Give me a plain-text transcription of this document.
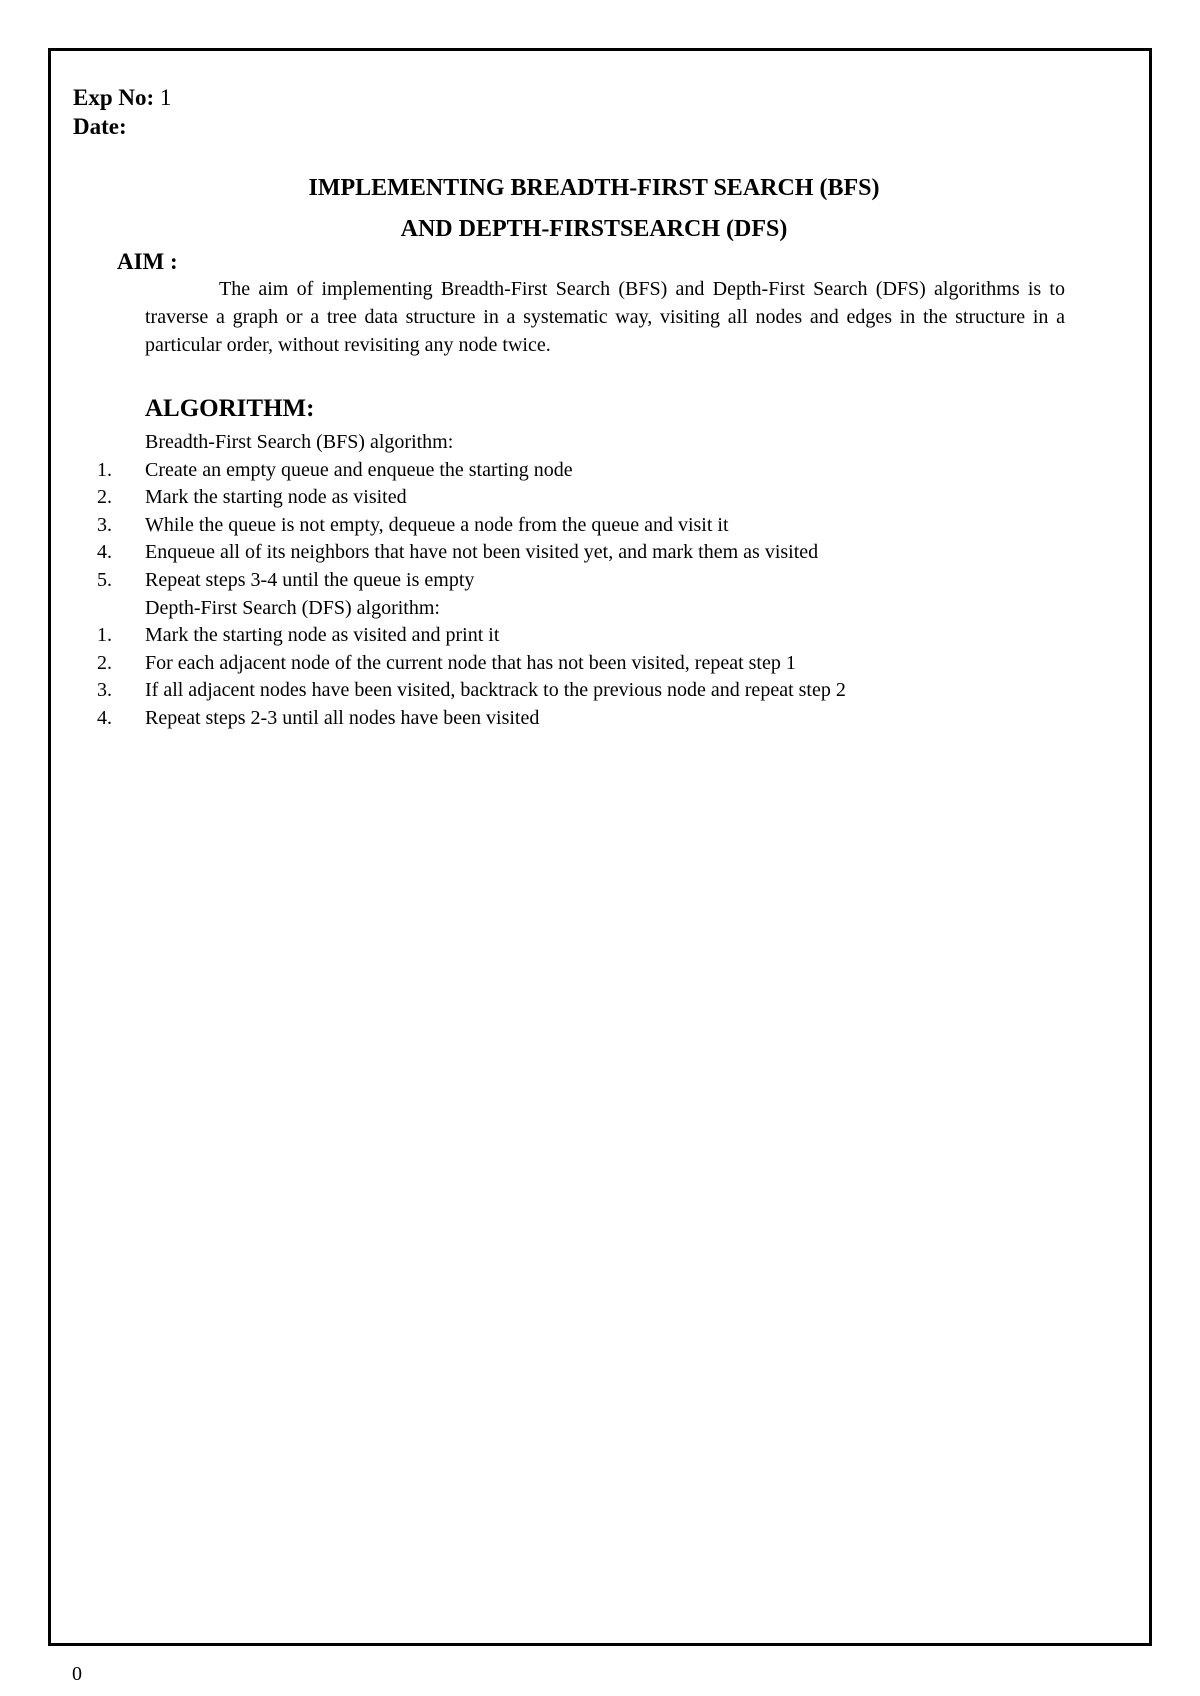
Exp No: 1
Date:
IMPLEMENTING BREADTH-FIRST SEARCH (BFS)
AND DEPTH-FIRSTSEARCH (DFS)
AIM :
The aim of implementing Breadth-First Search (BFS) and Depth-First Search (DFS) algorithms is to traverse a graph or a tree data structure in a systematic way, visiting all nodes and edges in the structure in a particular order, without revisiting any node twice.
ALGORITHM:
Breadth-First Search (BFS) algorithm:
1.	Create an empty queue and enqueue the starting node
2.	Mark the starting node as visited
3.	While the queue is not empty, dequeue a node from the queue and visit it
4.	Enqueue all of its neighbors that have not been visited yet, and mark them as visited
5.	Repeat steps 3-4 until the queue is empty
Depth-First Search (DFS) algorithm:
1.	Mark the starting node as visited and print it
2.	For each adjacent node of the current node that has not been visited, repeat step 1
3.	If all adjacent nodes have been visited, backtrack to the previous node and repeat step 2
4.	Repeat steps 2-3 until all nodes have been visited
0
